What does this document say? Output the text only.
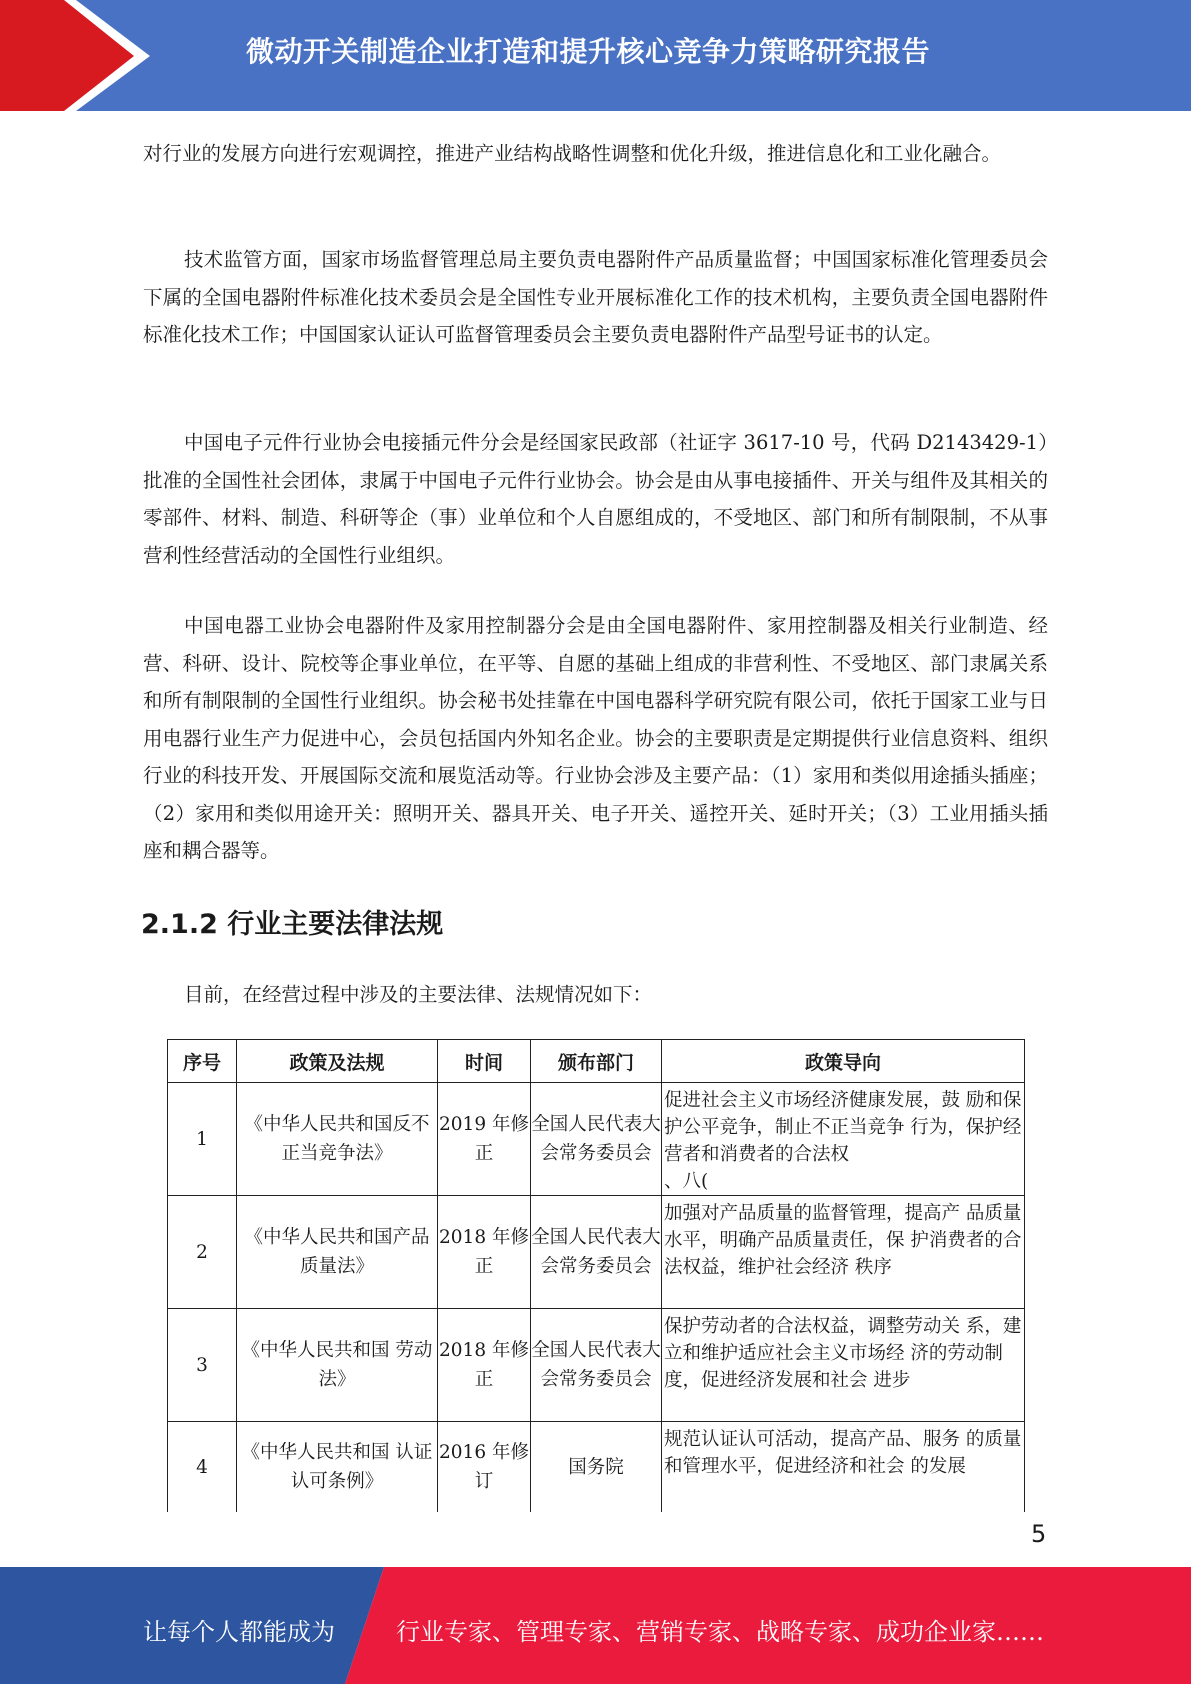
微动开关制造企业打造和提升核心竞争力策略研究报告

对行业的发展方向进行宏观调控，推进产业结构战略性调整和优化升级，推进信息化和工业化融合。

技术监管方面，国家市场监督管理总局主要负责电器附件产品质量监督；中国国家标准化管理委员会下属的全国电器附件标准化技术委员会是全国性专业开展标准化工作的技术机构，主要负责全国电器附件标准化技术工作；中国国家认证认可监督管理委员会主要负责电器附件产品型号证书的认定。

中国电子元件行业协会电接插元件分会是经国家民政部（社证字 3617-10 号，代码 D2143429-1）批准的全国性社会团体，隶属于中国电子元件行业协会。协会是由从事电接插件、开关与组件及其相关的零部件、材料、制造、科研等企（事）业单位和个人自愿组成的，不受地区、部门和所有制限制，不从事营利性经营活动的全国性行业组织。

中国电器工业协会电器附件及家用控制器分会是由全国电器附件、家用控制器及相关行业制造、经营、科研、设计、院校等企事业单位，在平等、自愿的基础上组成的非营利性、不受地区、部门隶属关系和所有制限制的全国性行业组织。协会秘书处挂靠在中国电器科学研究院有限公司，依托于国家工业与日用电器行业生产力促进中心，会员包括国内外知名企业。协会的主要职责是定期提供行业信息资料、组织行业的科技开发、开展国际交流和展览活动等。行业协会涉及主要产品：（1）家用和类似用途插头插座；（2）家用和类似用途开关：照明开关、器具开关、电子开关、遥控开关、延时开关；（3）工业用插头插座和耦合器等。

2.1.2 行业主要法律法规

目前，在经营过程中涉及的主要法律、法规情况如下：

序号	政策及法规	时间	颁布部门	政策导向
1	《中华人民共和国反不正当竞争法》	2019 年修正	全国人民代表大会常务委员会	促进社会主义市场经济健康发展，鼓 励和保护公平竞争，制止不正当竞争 行为，保护经营者和消费者的合法权
、八(
2	《中华人民共和国产品质量法》	2018 年修正	全国人民代表大会常务委员会	加强对产品质量的监督管理，提高产 品质量水平，明确产品质量责任，保 护消费者的合法权益，维护社会经济 秩序
3	《中华人民共和国 劳动法》	2018 年修正	全国人民代表大会常务委员会	保护劳动者的合法权益，调整劳动关 系，建立和维护适应社会主义市场经 济的劳动制度，促进经济发展和社会 进步
4	《中华人民共和国 认证认可条例》	2016 年修订	国务院	规范认证认可活动，提高产品、服务 的质量和管理水平，促进经济和社会 的发展
5
让每个人都能成为	行业专家、管理专家、营销专家、战略专家、成功企业家……
